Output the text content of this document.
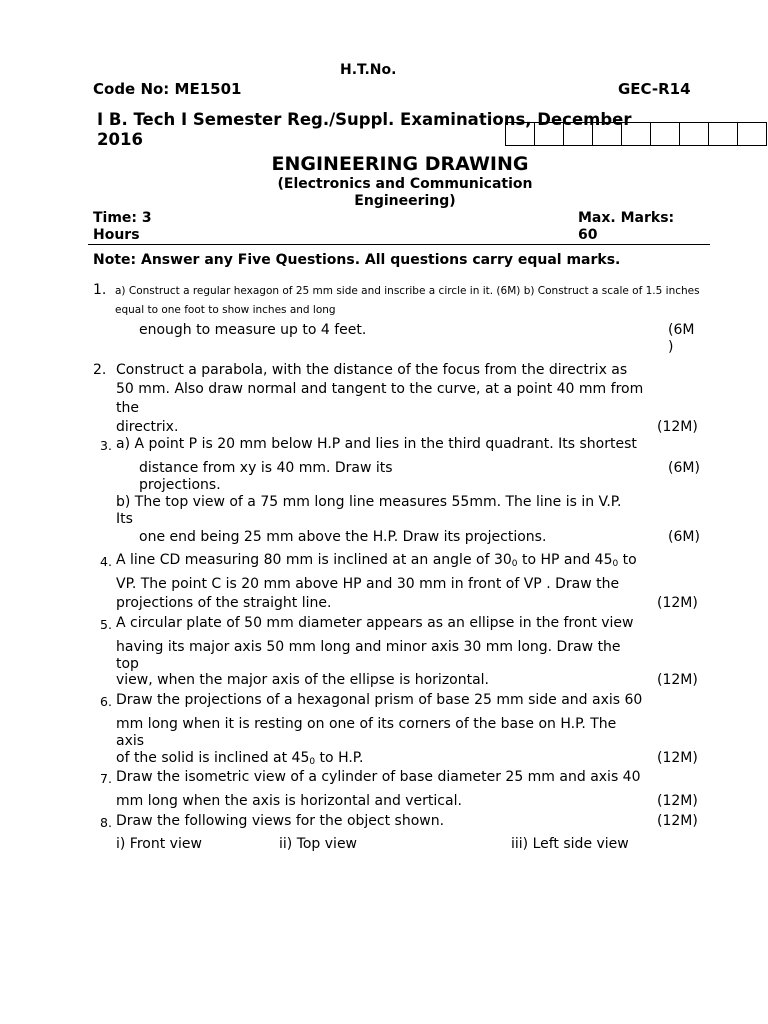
H.T.No.
Code No: ME1501	GEC-R14
I B. Tech I Semester Reg./Suppl. Examinations, December
2016
ENGINEERING DRAWING
(Electronics and Communication
Engineering)
Time: 3
Hours
Max. Marks:
60
Note: Answer any Five Questions. All questions carry equal marks.
1. a) Construct a regular hexagon of 25 mm side and inscribe a circle in it. (6M) b) Construct a scale of 1.5 inches
equal to one foot to show inches and long
enough to measure up to 4 feet.	(6M
)
2. Construct a parabola, with the distance of the focus from the directrix as
50 mm. Also draw normal and tangent to the curve, at a point 40 mm from
the
directrix.	(12M)
3. a) A point P is 20 mm below H.P and lies in the third quadrant. Its shortest
distance from xy is 40 mm. Draw its	(6M)
projections.
b) The top view of a 75 mm long line measures 55mm. The line is in V.P.
Its
one end being 25 mm above the H.P. Draw its projections.	(6M)
4. A line CD measuring 80 mm is inclined at an angle of $30_0$ to HP and $45_0$ to
VP. The point C is 20 mm above HP and 30 mm in front of VP . Draw the
projections of the straight line.	(12M)
5. A circular plate of 50 mm diameter appears as an ellipse in the front view
having its major axis 50 mm long and minor axis 30 mm long. Draw the
top
view, when the major axis of the ellipse is horizontal.	(12M)
6. Draw the projections of a hexagonal prism of base 25 mm side and axis 60
mm long when it is resting on one of its corners of the base on H.P. The
axis
of the solid is inclined at $45_0$ to H.P.	(12M)
7. Draw the isometric view of a cylinder of base diameter 25 mm and axis 40
mm long when the axis is horizontal and vertical.	(12M)
8. Draw the following views for the object shown.	(12M)
i) Front view	ii) Top view	iii) Left side view
